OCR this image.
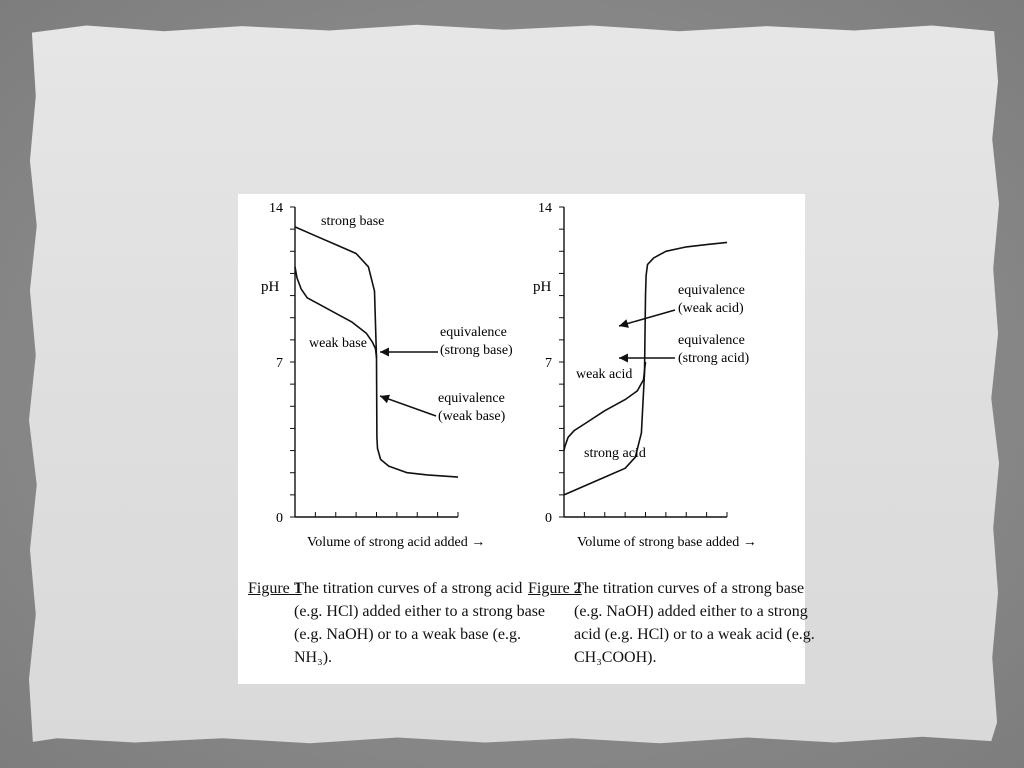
0
7
14
strong base
weak base
equivalence
(strong base)
equivalence
(weak base)
pH
Volume of strong acid added →
0
7
14
strong acid
weak acid
equivalence
(weak acid)
equivalence
(strong acid)
pH
Volume of strong base added →
Figure 1
The titration curves of a strong acid
(e.g. HCl) added either to a strong base
(e.g. NaOH) or to a weak base (e.g.
NH₃).
Figure 2
The titration curves of a strong base
(e.g. NaOH) added either to a strong
acid (e.g. HCl) or to a weak acid (e.g.
CH₃COOH).
